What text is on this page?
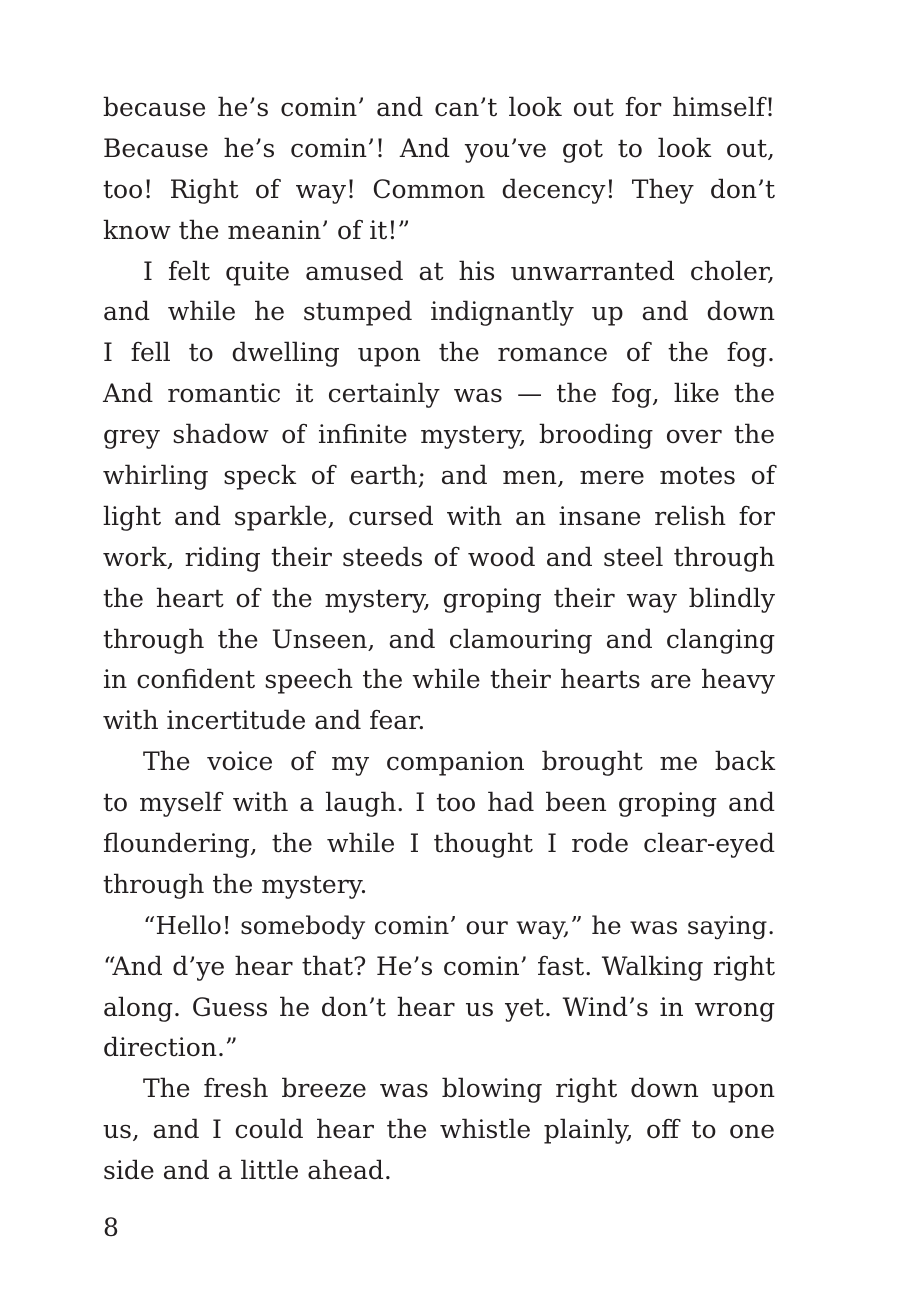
because he’s comin’ and can’t look out for himself!
Because he’s comin’! And you’ve got to look out,
too! Right of way! Common decency! They don’t
know the meanin’ of it!”
I felt quite amused at his unwarranted choler,
and while he stumped indignantly up and down
I fell to dwelling upon the romance of the fog.
And romantic it certainly was — the fog, like the
grey shadow of infinite mystery, brooding over the
whirling speck of earth; and men, mere motes of
light and sparkle, cursed with an insane relish for
work, riding their steeds of wood and steel through
the heart of the mystery, groping their way blindly
through the Unseen, and clamouring and clanging
in confident speech the while their hearts are heavy
with incertitude and fear.
The voice of my companion brought me back
to myself with a laugh. I too had been groping and
floundering, the while I thought I rode clear-eyed
through the mystery.
“Hello! somebody comin’ our way,” he was saying.
“And d’ye hear that? He’s comin’ fast. Walking right
along. Guess he don’t hear us yet. Wind’s in wrong
direction.”
The fresh breeze was blowing right down upon
us, and I could hear the whistle plainly, off to one
side and a little ahead.
8
